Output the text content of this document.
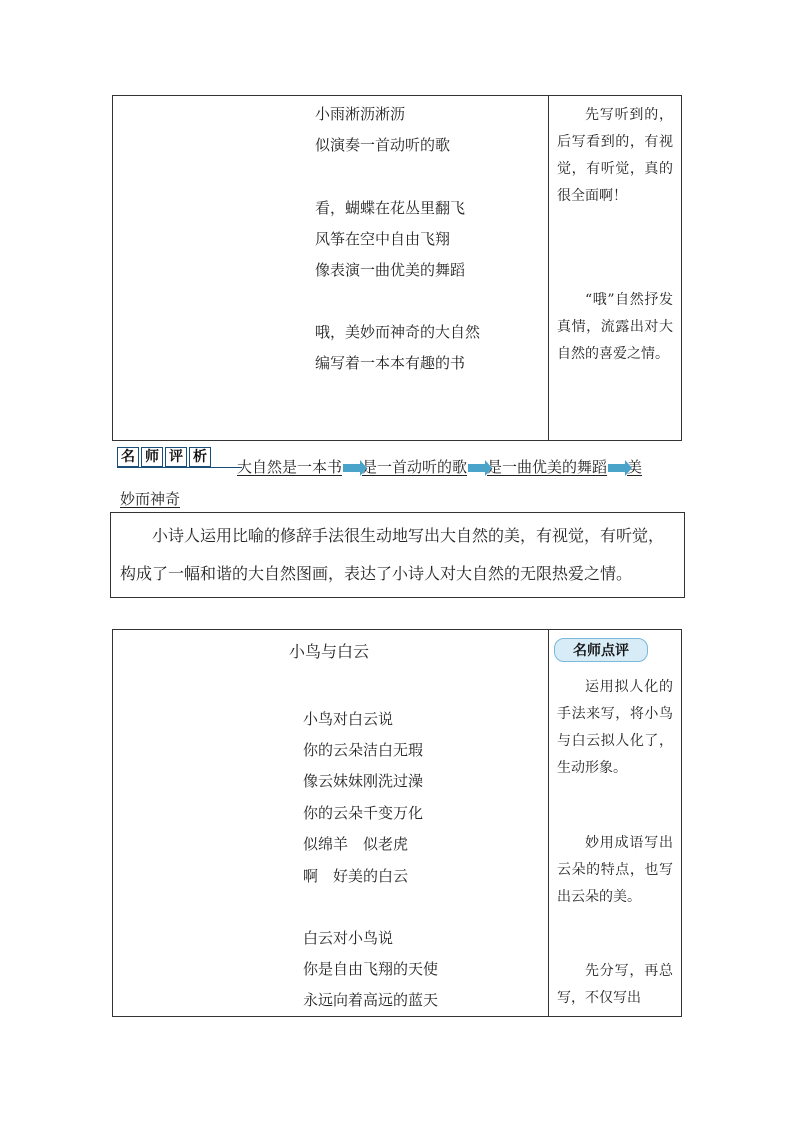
小雨淅沥淅沥
似演奏一首动听的歌
看，蝴蝶在花丛里翻飞
风筝在空中自由飞翔
像表演一曲优美的舞蹈
哦，美妙而神奇的大自然
编写着一本本有趣的书

先写听到的，后写看到的，有视觉，有听觉，真的很全面啊！

“哦”自然抒发真情，流露出对大自然的喜爱之情。

名 师 评 析
大自然是一本书 是一首动听的歌 是一曲优美的舞蹈 美
妙而神奇
小诗人运用比喻的修辞手法很生动地写出大自然的美，有视觉，有听觉，构成了一幅和谐的大自然图画，表达了小诗人对大自然的无限热爱之情。
小鸟与白云	名师点评
小鸟对白云说
你的云朵洁白无瑕
像云妹妹刚洗过澡
你的云朵千变万化
似绵羊　似老虎
啊　好美的白云
白云对小鸟说
你是自由飞翔的天使
永远向着高远的蓝天

运用拟人化的手法来写，将小鸟与白云拟人化了，生动形象。

妙用成语写出云朵的特点，也写出云朵的美。

先分写，再总写，不仅写出
